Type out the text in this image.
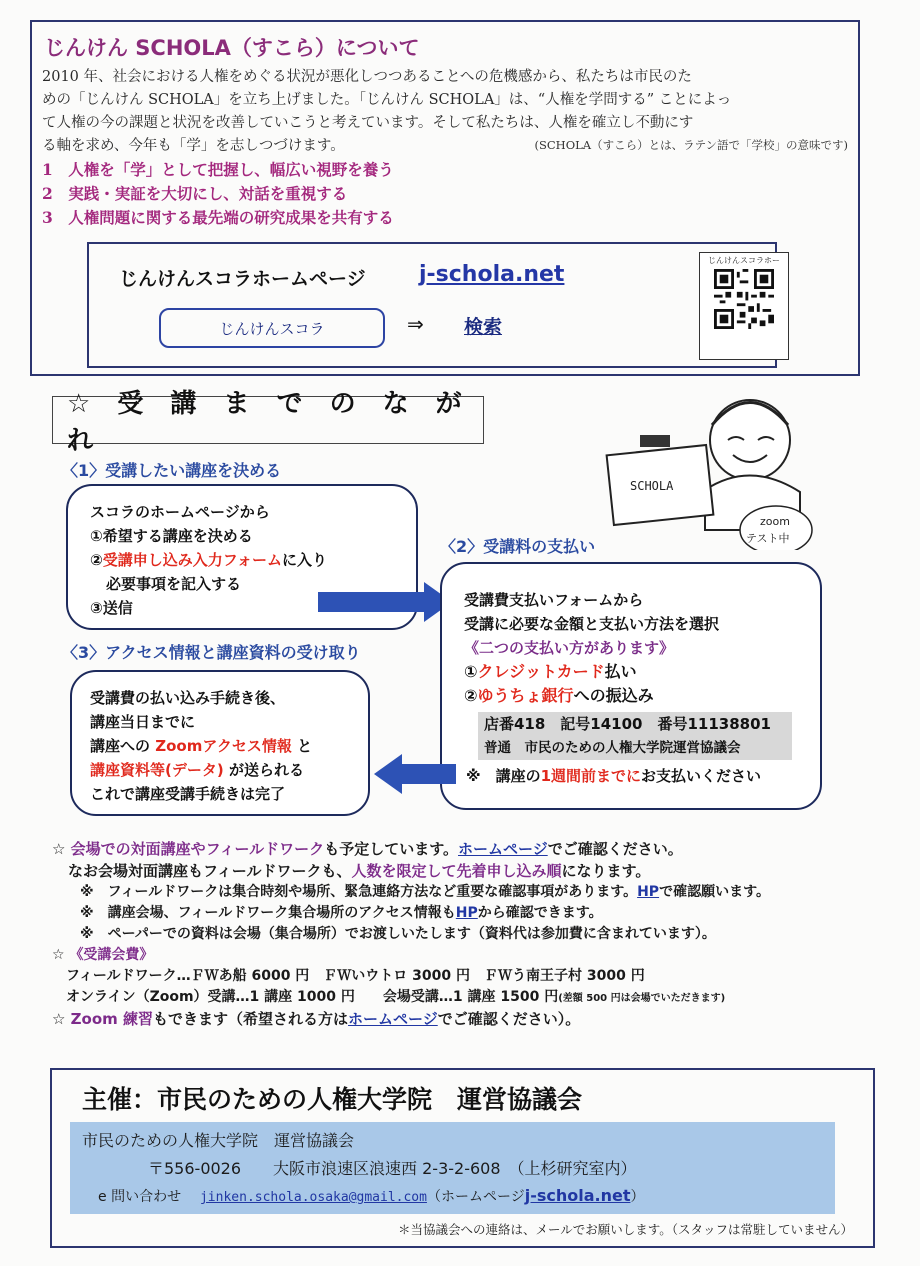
じんけん SCHOLA（すこら）について
2010 年、社会における人権をめぐる状況が悪化しつつあることへの危機感から、私たちは市民のた
めの「じんけん SCHOLA」を立ち上げました。「じんけん SCHOLA」は、“人権を学問する” ことによっ
て人権の今の課題と状況を改善していこうと考えています。そして私たちは、人権を確立し不動にす
る軸を求め、今年も「学」を志しつづけます。
1　人権を「学」として把握し、幅広い視野を養う
2　実践・実証を大切にし、対話を重視する
3　人権問題に関する最先端の研究成果を共有する
(SCHOLA（すこら）とは、ラテン語で「学校」の意味です)
じんけんスコラホームページ j-schola.net
じんけんスコラ	⇒ 検索
じんけんスコラホー
☆ 受 講 ま で の な が れ
SCHOLA
zoom
テスト中
〈1〉受講したい講座を決める
スコラのホームページから
①希望する講座を決める
②受講申し込み入力フォームに入り
必要事項を記入する
③送信
〈2〉受講料の支払い
受講費支払いフォームから
受講に必要な金額と支払い方法を選択
《二つの支払い方があります》
①クレジットカード払い
②ゆうちょ銀行への振込み
店番418　記号14100　番号11138801
普通　市民のための人権大学院運営協議会
※　講座の1週間前までにお支払いください
〈3〉アクセス情報と講座資料の受け取り
受講費の払い込み手続き後、
講座当日までに
講座への Zoomアクセス情報 と
講座資料等(データ) が送られる
これで講座受講手続きは完了
☆ 会場での対面講座やフィールドワークも予定しています。ホームページでご確認ください。
なお会場対面講座もフィールドワークも、人数を限定して先着申し込み順になります。
※　フィールドワークは集合時刻や場所、緊急連絡方法など重要な確認事項があります。HPで確認願います。
※　講座会場、フィールドワーク集合場所のアクセス情報もHPから確認できます。
※　ペーパーでの資料は会場（集合場所）でお渡しいたします（資料代は参加費に含まれています）。
☆ 《受講会費》
フィールドワーク…ＦＷあ船 6000 円　ＦＷいウトロ 3000 円　ＦＷう南王子村 3000 円
オンライン（Zoom）受講…1 講座 1000 円　　会場受講…1 講座 1500 円(差額 500 円は会場でいただきます)
☆ Zoom 練習もできます（希望される方はホームページでご確認ください）。
主催：市民のための人権大学院　運営協議会
市民のための人権大学院　運営協議会
〒556-0026　　大阪市浪速区浪速西 2-3-2-608　（上杉研究室内）
e 問い合わせ jinken.schola.osaka@gmail.com（ホームページj-schola.net）
＊当協議会への連絡は、メールでお願いします。（スタッフは常駐していません）
